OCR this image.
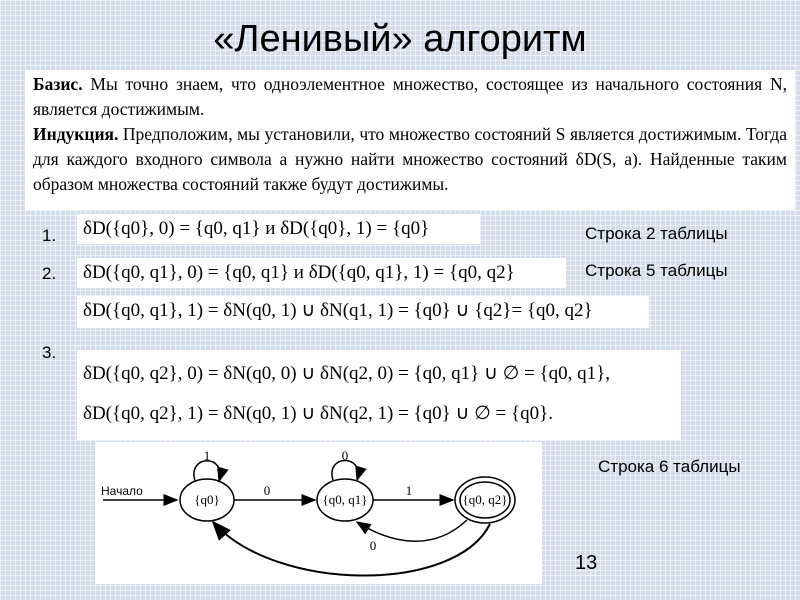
«Ленивый» алгоритм

Базис. Мы точно знаем, что одноэлементное множество, состоящее из начального состояния N, является достижимым.

Индукция. Предположим, мы установили, что множество состояний S является достижимым. Тогда для каждого входного символа a нужно найти множество состояний δD(S, a). Найденные таким образом множества состояний также будут достижимы.

1.
2.
3.
δD({q0}, 0) = {q0, q1} и δD({q0}, 1) = {q0}
δD({q0, q1}, 0) = {q0, q1} и δD({q0, q1}, 1) = {q0, q2}
δD({q0, q1}, 1) = δN(q0, 1) ∪ δN(q1, 1) = {q0} ∪ {q2}= {q0, q2}
δD({q0, q2}, 0) = δN(q0, 0) ∪ δN(q2, 0) = {q0, q1} ∪ ∅ = {q0, q1},
δD({q0, q2}, 1) = δN(q0, 1) ∪ δN(q2, 1) = {q0} ∪ ∅ = {q0}.
Строка 2 таблицы
Строка 5 таблицы
Строка 6 таблицы
Начало
{q0}
1
0
{q0, q1}
0
1
{q0, q2}
0
13
